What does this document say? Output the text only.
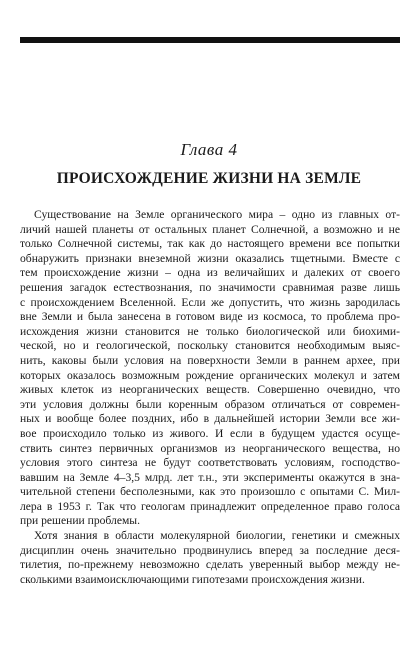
Глава 4
ПРОИСХОЖДЕНИЕ ЖИЗНИ НА ЗЕМЛЕ
Существование на Земле органического мира – одно из главных от-
личий нашей планеты от остальных планет Солнечной, а возможно и не
только Солнечной системы, так как до настоящего времени все попытки
обнаружить признаки внеземной жизни оказались тщетными. Вместе с
тем происхождение жизни – одна из величайших и далеких от своего
решения загадок естествознания, по значимости сравнимая разве лишь
с происхождением Вселенной. Если же допустить, что жизнь зародилась
вне Земли и была занесена в готовом виде из космоса, то проблема про-
исхождения жизни становится не только биологической или биохими-
ческой, но и геологической, поскольку становится необходимым выяс-
нить, каковы были условия на поверхности Земли в раннем архее, при
которых оказалось возможным рождение органических молекул и затем
живых клеток из неорганических веществ. Совершенно очевидно, что
эти условия должны были коренным образом отличаться от современ-
ных и вообще более поздних, ибо в дальнейшей истории Земли все жи-
вое происходило только из живого. И если в будущем удастся осуще-
ствить синтез первичных организмов из неорганического вещества, но
условия этого синтеза не будут соответствовать условиям, господство-
вавшим на Земле 4–3,5 млрд. лет т.н., эти эксперименты окажутся в зна-
чительной степени бесполезными, как это произошло с опытами С. Мил-
лера в 1953 г. Так что геологам принадлежит определенное право голоса
при решении проблемы.
Хотя знания в области молекулярной биологии, генетики и смежных
дисциплин очень значительно продвинулись вперед за последние деся-
тилетия, по-прежнему невозможно сделать уверенный выбор между не-
сколькими взаимоисключающими гипотезами происхождения жизни.
